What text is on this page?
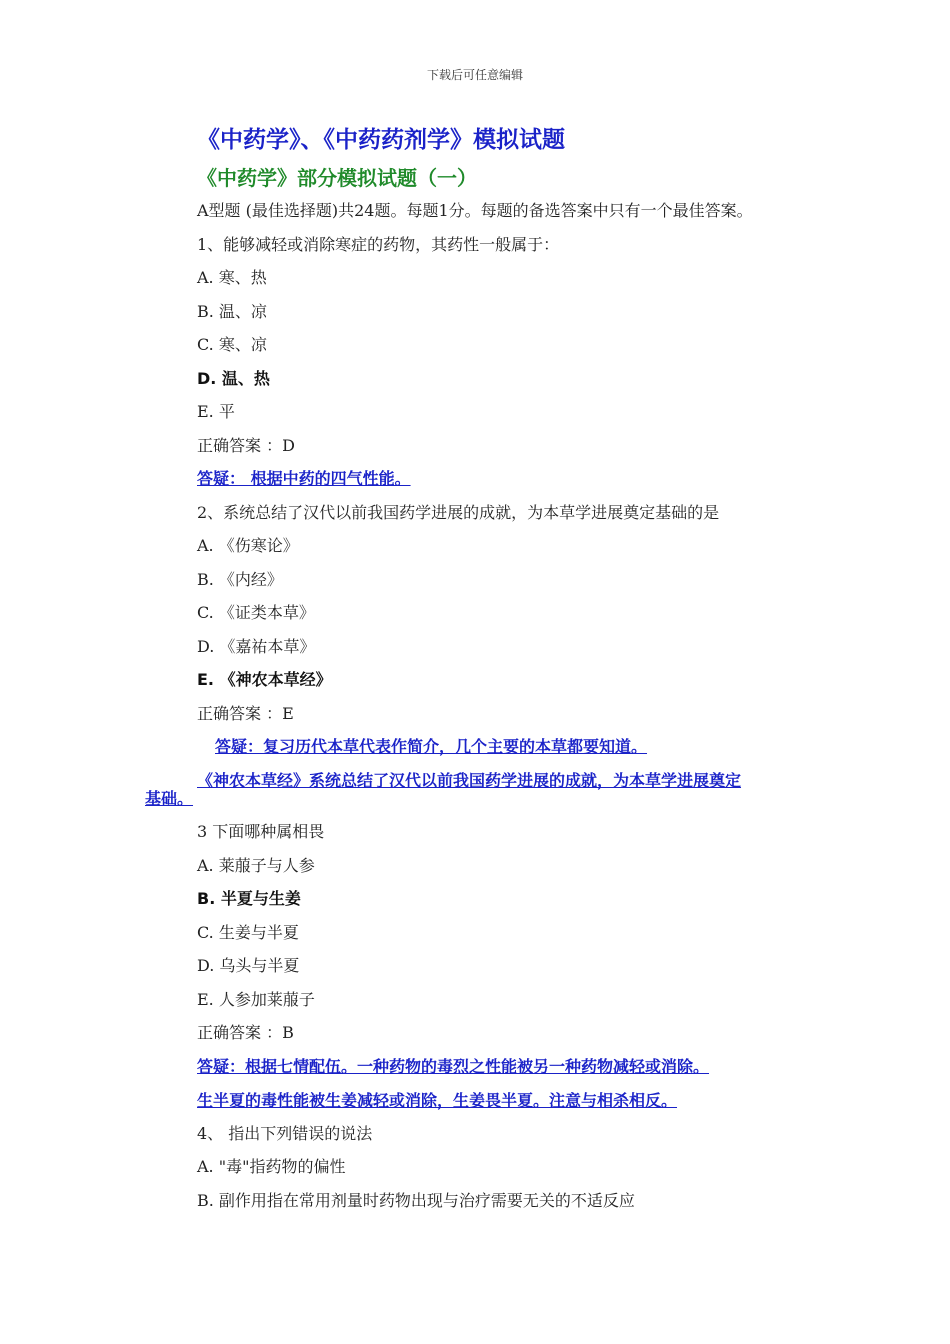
下载后可任意编辑
《中药学》、《中药药剂学》模拟试题
《中药学》部分模拟试题（一）
A型题 (最佳选择题)共24题。每题1分。每题的备选答案中只有一个最佳答案。
1、能够减轻或消除寒症的药物，其药性一般属于：
A. 寒、热
B. 温、凉
C. 寒、凉
D. 温、热
E. 平
正确答案 ：D
答疑： 根据中药的四气性能。
2、系统总结了汉代以前我国药学进展的成就，为本草学进展奠定基础的是
A. 《伤寒论》
B. 《内经》
C. 《证类本草》
D. 《嘉祐本草》
E. 《神农本草经》
正确答案 ：E
答疑：复习历代本草代表作简介，几个主要的本草都要知道。
《神农本草经》系统总结了汉代以前我国药学进展的成就，为本草学进展奠定
基础。
3 下面哪种属相畏
A. 莱菔子与人参
B. 半夏与生姜
C. 生姜与半夏
D. 乌头与半夏
E. 人参加莱菔子
正确答案 ：B
答疑：根据七情配伍。一种药物的毒烈之性能被另一种药物减轻或消除。
生半夏的毒性能被生姜减轻或消除，生姜畏半夏。注意与相杀相反。
4、 指出下列错误的说法
A. "毒"指药物的偏性
B. 副作用指在常用剂量时药物出现与治疗需要无关的不适反应
